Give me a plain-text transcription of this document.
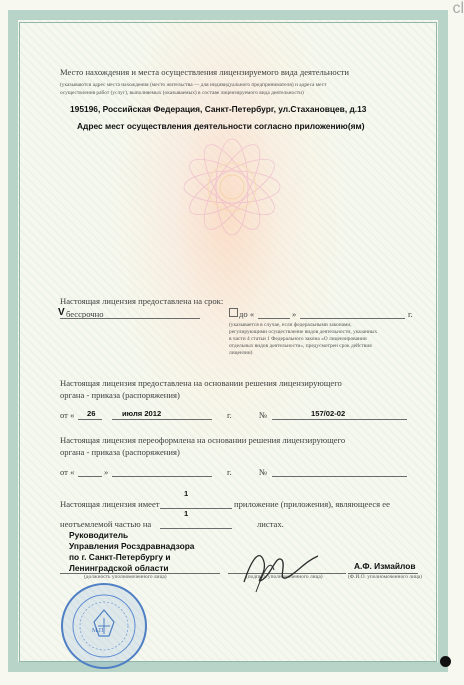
cl
Место нахождения и места осуществления лицензируемого вида деятельности
(указываются адрес места нахождения (место жительства — для индивидуального предпринимателя) и адреса мест
осуществления работ (услуг), выполняемых (оказываемых) в составе лицензируемого вида деятельности)
195196, Российская Федерация, Санкт-Петербург, ул.Стахановцев, д.13
Адрес мест осуществления деятельности согласно приложению(ям)
Настоящая лицензия предоставлена на срок:
V бессрочно	до «	»	г.
(указывается в случае, если федеральными законами,
регулирующими осуществление видов деятельности, указанных
в части 4 статьи 1 Федерального закона «О лицензировании
отдельных видов деятельности», предусмотрен срок действия
лицензии)
Настоящая лицензия предоставлена на основании решения лицензирующего
органа - приказа (распоряжения)
от « 26	июля 2012	г.	№	157/02-02
Настоящая лицензия переоформлена на основании решения лицензирующего
органа - приказа (распоряжения)
от «	»	г.	№
Настоящая лицензия имеет
1
приложение (приложения), являющееся ее
неотъемлемой частью на
1
листах.
Руководитель
Управления Росздравнадзора
по г. Санкт-Петербургу и
Ленинградской области	А.Ф. Измайлов
(должность уполномоченного лица)	(подпись уполномоченного лица)	(Ф.И.О. уполномоченного лица)
М.П.
